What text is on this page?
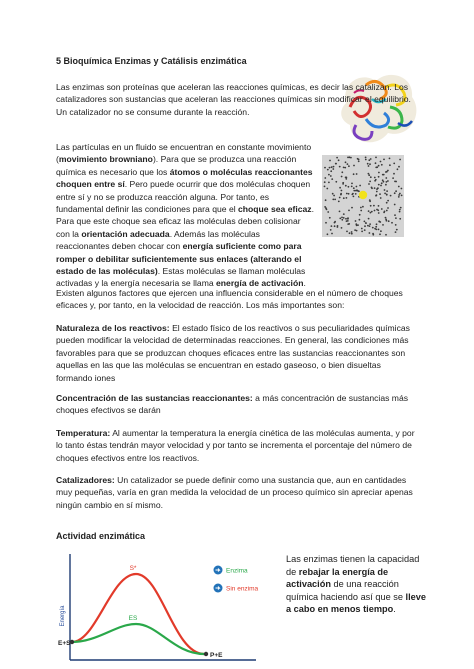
5 Bioquímica Enzimas y Catálisis enzimática

Las enzimas son proteínas que aceleran las reacciones químicas, es decir las catalizan. Los catalizadores son sustancias que aceleran las reacciones químicas sin modificar el equilibrio. Un catalizador no se consume durante la reacción.

Las partículas en un fluido se encuentran en constante movimiento (movimiento browniano). Para que se produzca una reacción química es necesario que los átomos o moléculas reaccionantes choquen entre sí. Pero puede ocurrir que dos moléculas choquen entre sí y no se produzca reacción alguna. Por tanto, es fundamental definir las condiciones para que el choque sea eficaz. Para que este choque sea eficaz las moléculas deben colisionar con la orientación adecuada. Además las moléculas reaccionantes deben chocar con energía suficiente como para romper o debilitar suficientemente sus enlaces (alterando el estado de las moléculas). Estas moléculas se llaman moléculas activadas y la energía necesaria se llama energía de activación.

Existen algunos factores que ejercen una influencia considerable en el número de choques eficaces y, por tanto, en la velocidad de reacción. Los más importantes son:

Naturaleza de los reactivos: El estado físico de los reactivos o sus peculiaridades químicas pueden modificar la velocidad de determinadas reacciones. En general, las condiciones más favorables para que se produzcan choques eficaces entre las sustancias reaccionantes son aquellas en las que las moléculas se encuentran en estado gaseoso, o bien disueltas formando iones

Concentración de las sustancias reaccionantes: a más concentración de sustancias más choques efectivos se darán

Temperatura: Al aumentar la temperatura la energía cinética de las moléculas aumenta, y por lo tanto éstas tendrán mayor velocidad y por tanto se incrementa el porcentaje del número de choques efectivos entre los reactivos.

Catalizadores: Un catalizador se puede definir como una sustancia que, aun en cantidades muy pequeñas, varía en gran medida la velocidad de un proceso químico sin apreciar apenas ningún cambio en sí mismo.

Actividad enzimática

Energía
S*
ES
E+S
P+E
Enzima
Sin enzima

Las enzimas tienen la capacidad de rebajar la energía de activación de una reacción química haciendo así que se lleve a cabo en menos tiempo.
